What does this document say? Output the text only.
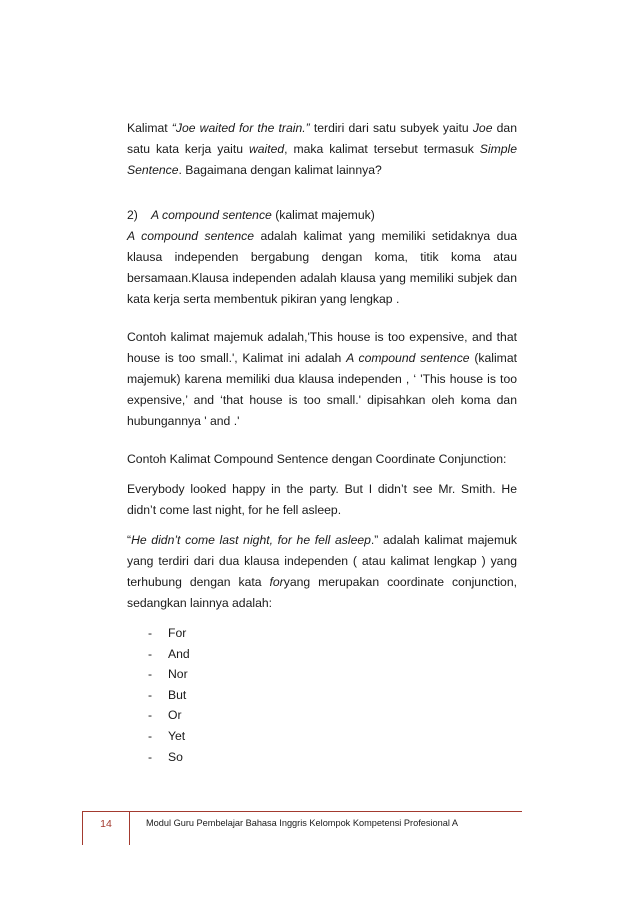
Kalimat “Joe waited for the train.” terdiri dari satu subyek yaitu Joe dan satu kata kerja yaitu waited, maka kalimat tersebut termasuk Simple Sentence. Bagaimana dengan kalimat lainnya?

2) A compound sentence (kalimat majemuk)

A compound sentence adalah kalimat yang memiliki setidaknya dua klausa independen bergabung dengan koma, titik koma atau bersamaan.Klausa independen adalah klausa yang memiliki subjek dan kata kerja serta membentuk pikiran yang lengkap .

Contoh kalimat majemuk adalah,'This house is too expensive, and that house is too small.', Kalimat ini adalah A compound sentence (kalimat majemuk) karena memiliki dua klausa independen , ‘ 'This house is too expensive,’ and ‘that house is too small.' dipisahkan oleh koma dan hubungannya ' and .'

Contoh Kalimat Compound Sentence dengan Coordinate Conjunction:

Everybody looked happy in the party. But I didn’t see Mr. Smith. He didn’t come last night, for he fell asleep.

“He didn’t come last night, for he fell asleep.” adalah kalimat majemuk yang terdiri dari dua klausa independen ( atau kalimat lengkap ) yang terhubung dengan kata foryang merupakan coordinate conjunction, sedangkan lainnya adalah:

- For
- And
- Nor
- But
- Or
- Yet
- So
14	Modul Guru Pembelajar Bahasa Inggris Kelompok Kompetensi Profesional A
